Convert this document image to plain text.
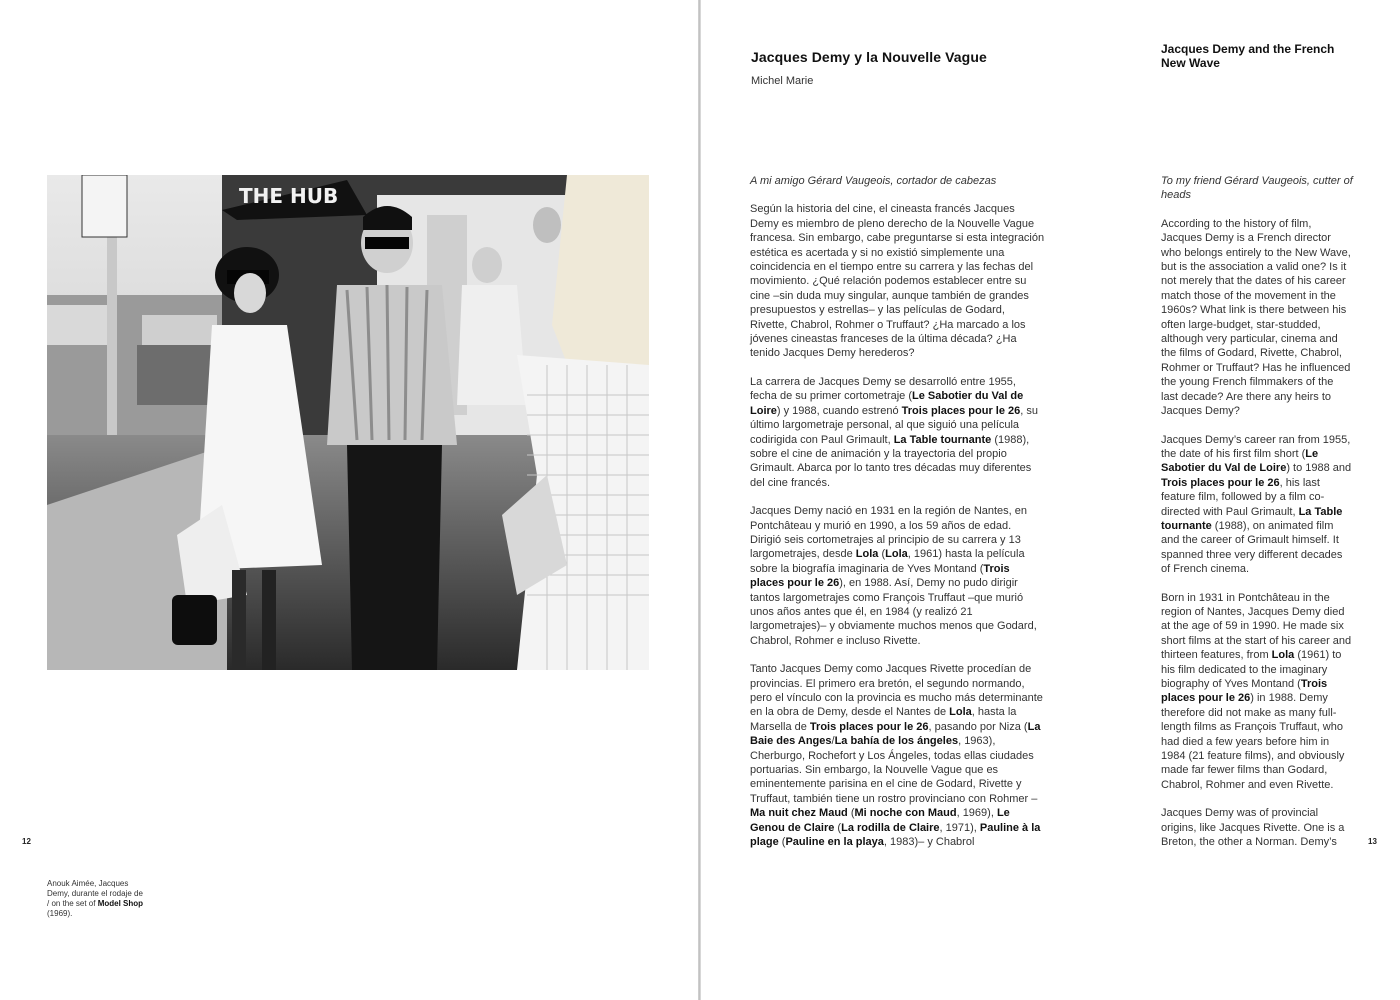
THE HUB
12
Anouk Aimée, Jacques Demy, durante el rodaje de / on the set of Model Shop (1969).
Jacques Demy y la Nouvelle Vague
Michel Marie
Jacques Demy and the French New Wave

A mi amigo Gérard Vaugeois, cortador de cabezas

Según la historia del cine, el cineasta francés Jacques Demy es miembro de pleno derecho de la Nouvelle Vague francesa. Sin embargo, cabe preguntarse si esta integración estética es acertada y si no existió simplemente una coincidencia en el tiempo entre su carrera y las fechas del movimiento. ¿Qué relación podemos establecer entre su cine –sin duda muy singular, aunque también de grandes presupuestos y estrellas– y las películas de Godard, Rivette, Chabrol, Rohmer o Truffaut? ¿Ha marcado a los jóvenes cineastas franceses de la última década? ¿Ha tenido Jacques Demy herederos?

La carrera de Jacques Demy se desarrolló entre 1955, fecha de su primer cortometraje (Le Sabotier du Val de Loire) y 1988, cuando estrenó Trois places pour le 26, su último largometraje personal, al que siguió una película codirigida con Paul Grimault, La Table tournante (1988), sobre el cine de animación y la trayectoria del propio Grimault. Abarca por lo tanto tres décadas muy diferentes del cine francés.

Jacques Demy nació en 1931 en la región de Nantes, en Pontchâteau y murió en 1990, a los 59 años de edad. Dirigió seis cortometrajes al principio de su carrera y 13 largometrajes, desde Lola (Lola, 1961) hasta la película sobre la biografía imaginaria de Yves Montand (Trois places pour le 26), en 1988. Así, Demy no pudo dirigir tantos largometrajes como François Truffaut –que murió unos años antes que él, en 1984 (y realizó 21 largometrajes)– y obviamente muchos menos que Godard, Chabrol, Rohmer e incluso Rivette.

Tanto Jacques Demy como Jacques Rivette procedían de provincias. El primero era bretón, el segundo normando, pero el vínculo con la provincia es mucho más determinante en la obra de Demy, desde el Nantes de Lola, hasta la Marsella de Trois places pour le 26, pasando por Niza (La Baie des Anges/La bahía de los ángeles, 1963), Cherburgo, Rochefort y Los Ángeles, todas ellas ciudades portuarias. Sin embargo, la Nouvelle Vague que es eminentemente parisina en el cine de Godard, Rivette y Truffaut, también tiene un rostro provinciano con Rohmer –Ma nuit chez Maud (Mi noche con Maud, 1969), Le Genou de Claire (La rodilla de Claire, 1971), Pauline à la plage (Pauline en la playa, 1983)– y Chabrol

To my friend Gérard Vaugeois, cutter of heads

According to the history of film, Jacques Demy is a French director who belongs entirely to the New Wave, but is the association a valid one? Is it not merely that the dates of his career match those of the movement in the 1960s? What link is there between his often large-budget, star-studded, although very particular, cinema and the films of Godard, Rivette, Chabrol, Rohmer or Truffaut? Has he influenced the young French filmmakers of the last decade? Are there any heirs to Jacques Demy?

Jacques Demy’s career ran from 1955, the date of his first film short (Le Sabotier du Val de Loire) to 1988 and Trois places pour le 26, his last feature film, followed by a film co-directed with Paul Grimault, La Table tournante (1988), on animated film and the career of Grimault himself. It spanned three very different decades of French cinema.

Born in 1931 in Pontchâteau in the region of Nantes, Jacques Demy died at the age of 59 in 1990. He made six short films at the start of his career and thirteen features, from Lola (1961) to his film dedicated to the imaginary biography of Yves Montand (Trois places pour le 26) in 1988. Demy therefore did not make as many full-length films as François Truffaut, who had died a few years before him in 1984 (21 feature films), and obviously made far fewer films than Godard, Chabrol, Rohmer and even Rivette.

Jacques Demy was of provincial origins, like Jacques Rivette. One is a Breton, the other a Norman. Demy’s	13
